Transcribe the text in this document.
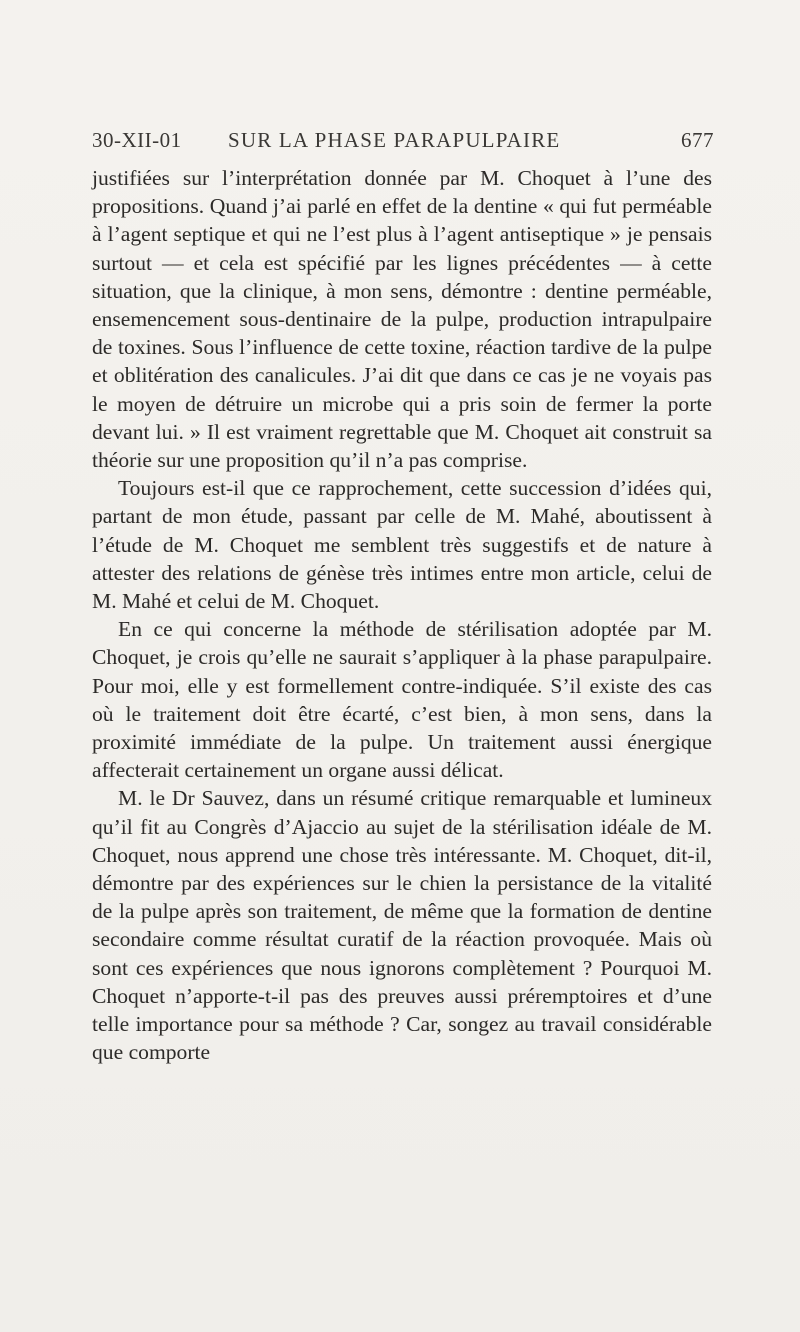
30-XII-01 SUR LA PHASE PARAPULPAIRE	677

justifiées sur l’interprétation donnée par M. Choquet à l’une des propositions. Quand j’ai parlé en effet de la dentine « qui fut perméable à l’agent septique et qui ne l’est plus à l’agent antiseptique » je pensais surtout — et cela est spécifié par les lignes précédentes — à cette situation, que la clinique, à mon sens, démontre : dentine perméable, ensemencement sous-dentinaire de la pulpe, production intrapulpaire de toxines. Sous l’influence de cette toxine, réaction tardive de la pulpe et oblitération des canalicules. J’ai dit que dans ce cas je ne voyais pas le moyen de détruire un microbe qui a pris soin de fermer la porte devant lui. » Il est vraiment regrettable que M. Choquet ait construit sa théorie sur une proposition qu’il n’a pas comprise.

Toujours est-il que ce rapprochement, cette succession d’idées qui, partant de mon étude, passant par celle de M. Mahé, aboutissent à l’étude de M. Choquet me semblent très suggestifs et de nature à attester des relations de génèse très intimes entre mon article, celui de M. Mahé et celui de M. Choquet.

En ce qui concerne la méthode de stérilisation adoptée par M. Choquet, je crois qu’elle ne saurait s’appliquer à la phase parapulpaire. Pour moi, elle y est formellement contre-indiquée. S’il existe des cas où le traitement doit être écarté, c’est bien, à mon sens, dans la proximité immédiate de la pulpe. Un traitement aussi énergique affecterait certainement un organe aussi délicat.

M. le Dr Sauvez, dans un résumé critique remarquable et lumineux qu’il fit au Congrès d’Ajaccio au sujet de la stérilisation idéale de M. Choquet, nous apprend une chose très intéressante. M. Choquet, dit-il, démontre par des expériences sur le chien la persistance de la vitalité de la pulpe après son traitement, de même que la formation de dentine secondaire comme résultat curatif de la réaction provoquée. Mais où sont ces expériences que nous ignorons complètement ? Pourquoi M. Choquet n’apporte-t-il pas des preuves aussi préremptoires et d’une telle importance pour sa méthode ? Car, songez au travail considérable que comporte
